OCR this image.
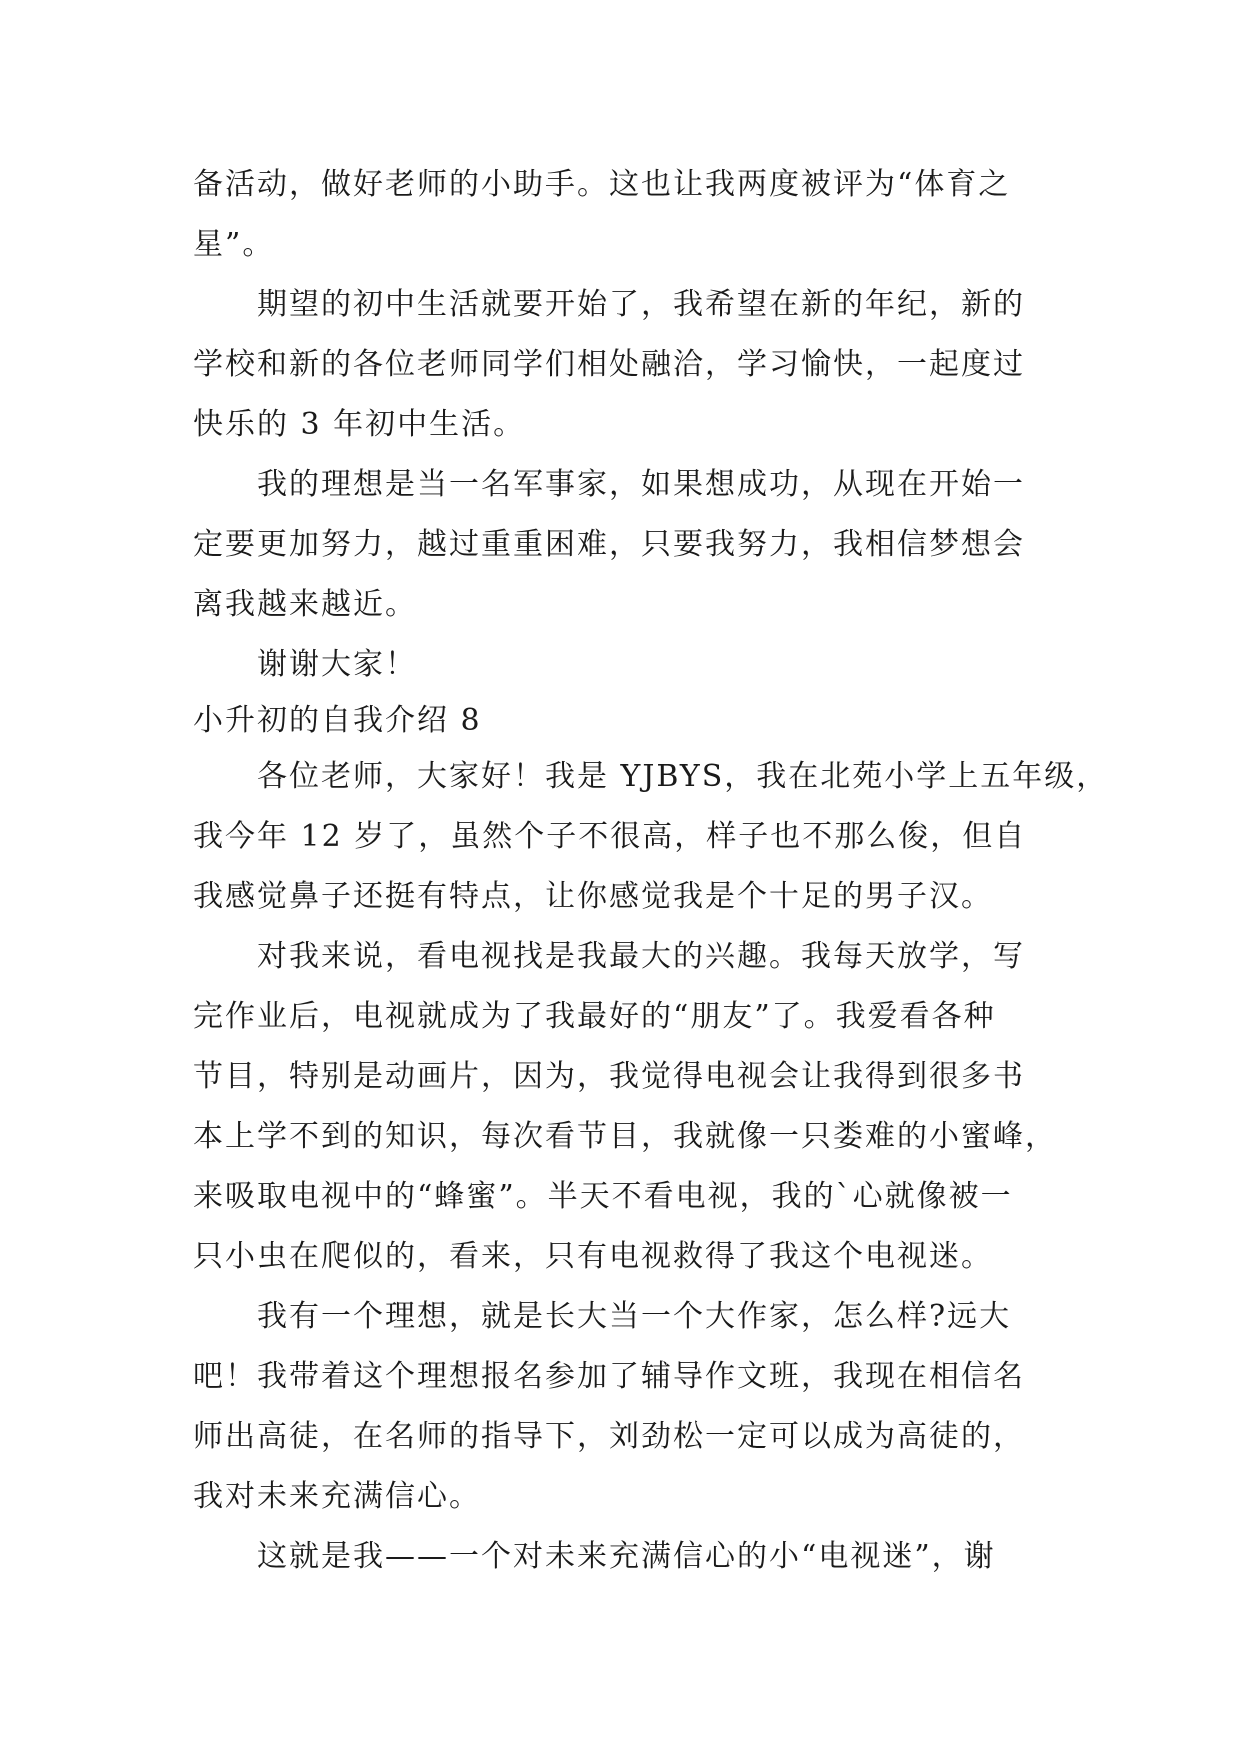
备活动，做好老师的小助手。这也让我两度被评为“体育之
星”。
期望的初中生活就要开始了，我希望在新的年纪，新的
学校和新的各位老师同学们相处融洽，学习愉快，一起度过
快乐的 3 年初中生活。
我的理想是当一名军事家，如果想成功，从现在开始一
定要更加努力，越过重重困难，只要我努力，我相信梦想会
离我越来越近。
谢谢大家！
小升初的自我介绍 8
各位老师，大家好！我是 YJBYS，我在北苑小学上五年级，
我今年 12 岁了，虽然个子不很高，样子也不那么俊，但自
我感觉鼻子还挺有特点，让你感觉我是个十足的男子汉。
对我来说，看电视找是我最大的兴趣。我每天放学，写
完作业后，电视就成为了我最好的“朋友”了。我爱看各种
节目，特别是动画片，因为，我觉得电视会让我得到很多书
本上学不到的知识，每次看节目，我就像一只娄难的小蜜峰，
来吸取电视中的“蜂蜜”。半天不看电视，我的`心就像被一
只小虫在爬似的，看来，只有电视救得了我这个电视迷。
我有一个理想，就是长大当一个大作家，怎么样?远大
吧！我带着这个理想报名参加了辅导作文班，我现在相信名
师出高徒，在名师的指导下，刘劲松一定可以成为高徒的，
我对未来充满信心。
这就是我——一个对未来充满信心的小“电视迷”，谢
